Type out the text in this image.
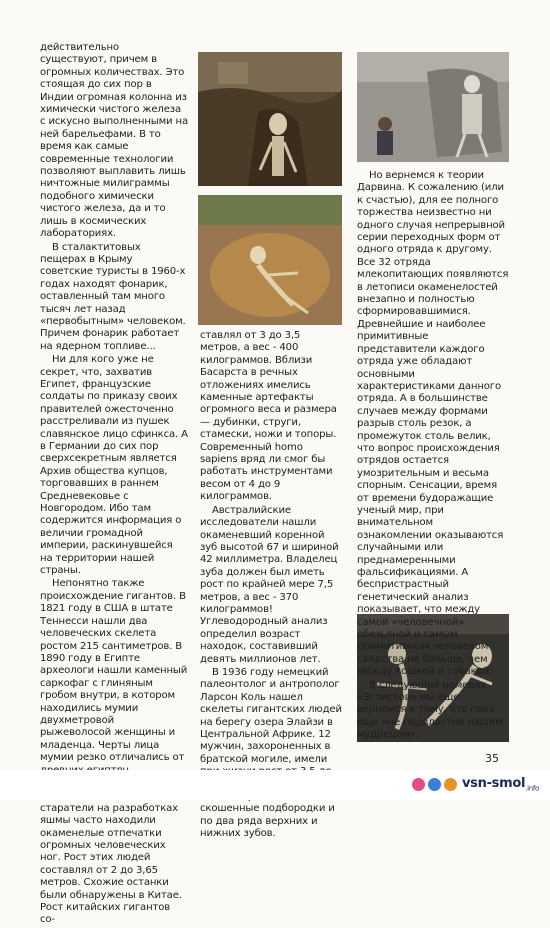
действительно существуют, причем в огромных количествах. Это стоящая до сих пор в Индии огромная колонна из химически чистого железа с искусно выполненными на ней барельефами. В то время как самые современные технологии позволяют выплавить лишь ничтожные милиграммы подобного химически чистого железа, да и то лишь в космических лабораториях.

В сталактитовых пещерах в Крыму советские туристы в 1960-х годах находят фонарик, оставленный там много тысяч лет назад «первобытным» человеком. Причем фонарик работает на ядерном топливе...

Ни для кого уже не секрет, что, захватив Египет, французские солдаты по приказу своих правителей ожесточенно расстреливали из пушек славянское лицо сфинкса. А в Германии до сих пор сверхсекретным является Архив общества купцов, торговавших в раннем Средневековье с Новгородом. Ибо там содержится информация о величии громадной империи, раскинувшейся на территории нашей страны.

Непонятно также происхождение гигантов. В 1821 году в США в штате Теннесси нашли два человеческих скелета ростом 215 сантиметров. В 1890 году в Египте археологи нашли каменный саркофаг с глиняным гробом внутри, в котором находились мумии двухметровой рыжеволосой женщины и младенца. Черты лица мумии резко отличались от

старатели на разработках яшмы часто находили окаменелые отпечатки огромных человеческих ног. Рост этих людей составлял от 2 до 3,65 метров. Схожие останки были обнаружены в Китае. Рост китайских гигантов со-

ставлял от 3 до 3,5 метров, а вес - 400 килограммов. Вблизи Басарста в речных отложениях имелись каменные артефакты огромного веса и размера — дубинки, струги, стамески, ножи и топоры. Современный homo sapiens вряд ли смог бы работать инструментами весом от 4 до 9 килограммов.

Австралийские исследователи нашли окаменевший коренной зуб высотой 67 и шириной 42 миллиметра. Владелец зуба должен был иметь рост по крайней мере 7,5 метров, а вес - 370 килограммов! Углеводородный анализ определил возраст находок, составивший девять миллионов лет.

В 1936 году немецкий палеонтолог и антрополог Ларсон Коль нашел скелеты гигантских людей на берегу озера Элайзи в Центральной Африке. 12 мужчин, захороненных в братской могиле, имели скошенные подбородки и по два ряда верхних и нижних зубов.

Но вернемся к теории Дарвина. К сожалению (или к счастью), для ее полного торжества неизвестно ни одного случая непрерывной серии переходных форм от одного отряда к другому. Все 32 отряда млекопитающих появляются в летописи окаменелостей внезапно и полностью сформировавшимися. Древнейшие и наиболее примитивные представители каждого отряда уже обладают основными характеристиками данного отряда. А в большинстве случаев между формами разрыв столь резок, а промежуток столь велик, что вопрос происхождения отрядов остается умозрительным и весьма спорным. Сенсации, время от времени будоражащие ученый мир, при внимательном ознакомлении оказываются случайными или преднамеренными фальсификациями. А беспристрастный генетический анализ показывает, что между самой «человечной» обезьяной и самым примитивным человеком сходства не больше, чем между кошкой и собакой.

В следующих номерах «Эгоистов» мы еще вернемся к тому, что пока еще «не подвластно нашим мудрецам».

35
vsn-smol$_{.info}$
